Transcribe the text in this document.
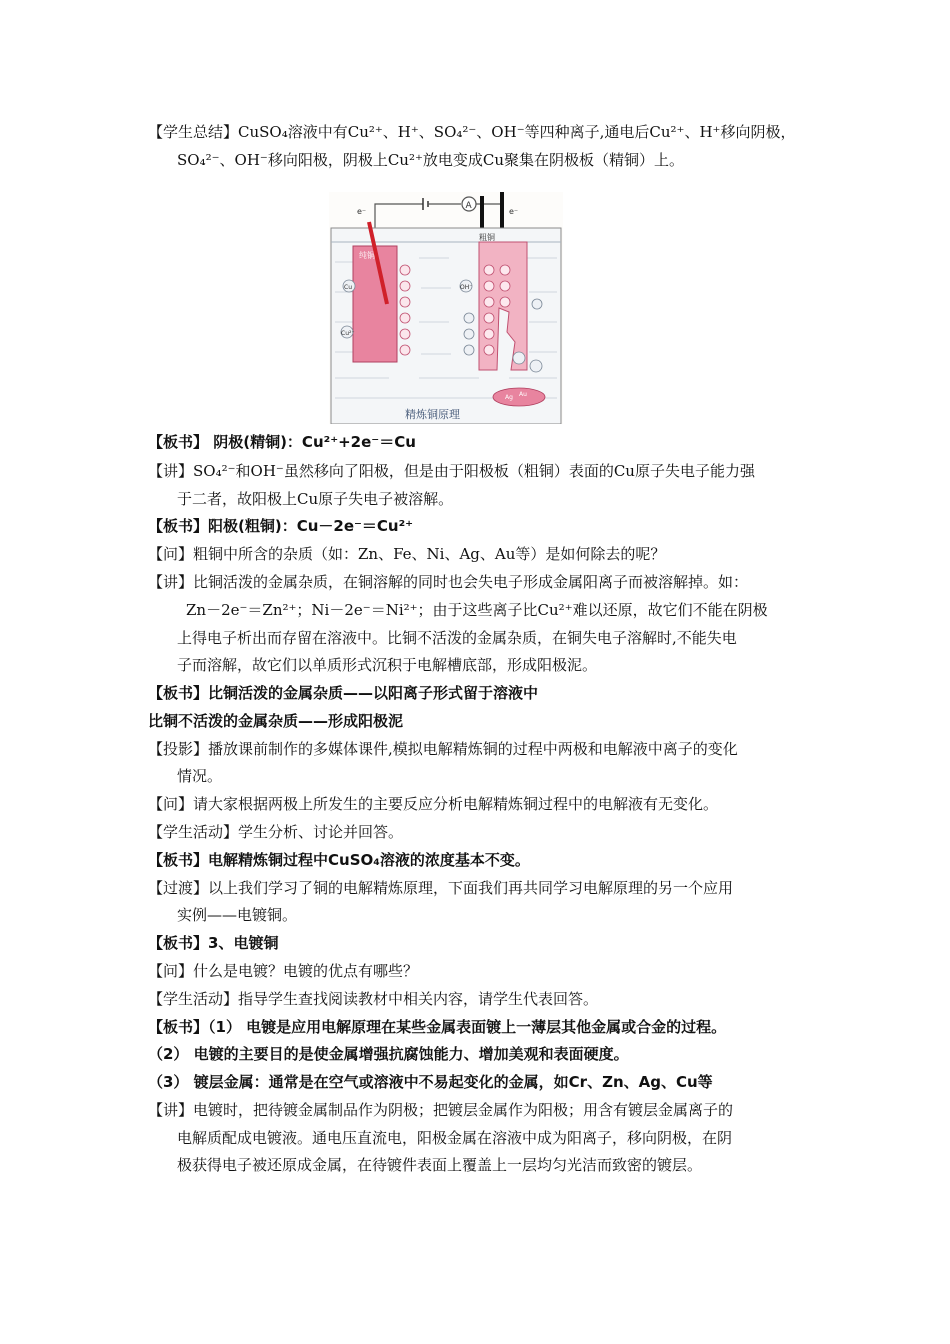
【学生总结】CuSO₄溶液中有Cu²⁺、H⁺、SO₄²⁻、OH⁻等四种离子,通电后Cu²⁺、H⁺移向阴极，
SO₄²⁻、OH⁻移向阳极，阴极上Cu²⁺放电变成Cu聚集在阴极板（精铜）上。
A
e⁻	e⁻
纯铜
Cu
Cu²⁺
OH⁻
粗铜
Ag Au
精炼铜原理
【板书】 阴极(精铜)：Cu²⁺+2e⁻＝Cu
【讲】SO₄²⁻和OH⁻虽然移向了阳极，但是由于阳极板（粗铜）表面的Cu原子失电子能力强
于二者，故阳极上Cu原子失电子被溶解。
【板书】阳极(粗铜)：Cu－2e⁻＝Cu²⁺
【问】粗铜中所含的杂质（如：Zn、Fe、Ni、Ag、Au等）是如何除去的呢？
【讲】比铜活泼的金属杂质，在铜溶解的同时也会失电子形成金属阳离子而被溶解掉。如：
Zn－2e⁻＝Zn²⁺；Ni－2e⁻＝Ni²⁺；由于这些离子比Cu²⁺难以还原，故它们不能在阴极
上得电子析出而存留在溶液中。比铜不活泼的金属杂质，在铜失电子溶解时,不能失电
子而溶解，故它们以单质形式沉积于电解槽底部，形成阳极泥。
【板书】比铜活泼的金属杂质——以阳离子形式留于溶液中
比铜不活泼的金属杂质——形成阳极泥
【投影】播放课前制作的多媒体课件,模拟电解精炼铜的过程中两极和电解液中离子的变化
情况。
【问】请大家根据两极上所发生的主要反应分析电解精炼铜过程中的电解液有无变化。
【学生活动】学生分析、讨论并回答。
【板书】电解精炼铜过程中CuSO₄溶液的浓度基本不变。
【过渡】以上我们学习了铜的电解精炼原理，下面我们再共同学习电解原理的另一个应用
实例——电镀铜。
【板书】3、电镀铜
【问】什么是电镀？电镀的优点有哪些？
【学生活动】指导学生查找阅读教材中相关内容，请学生代表回答。
【板书】（1） 电镀是应用电解原理在某些金属表面镀上一薄层其他金属或合金的过程。
（2） 电镀的主要目的是使金属增强抗腐蚀能力、增加美观和表面硬度。
（3） 镀层金属：通常是在空气或溶液中不易起变化的金属，如Cr、Zn、Ag、Cu等
【讲】电镀时，把待镀金属制品作为阴极；把镀层金属作为阳极；用含有镀层金属离子的
电解质配成电镀液。通电压直流电，阳极金属在溶液中成为阳离子，移向阴极，在阴
极获得电子被还原成金属，在待镀件表面上覆盖上一层均匀光洁而致密的镀层。
